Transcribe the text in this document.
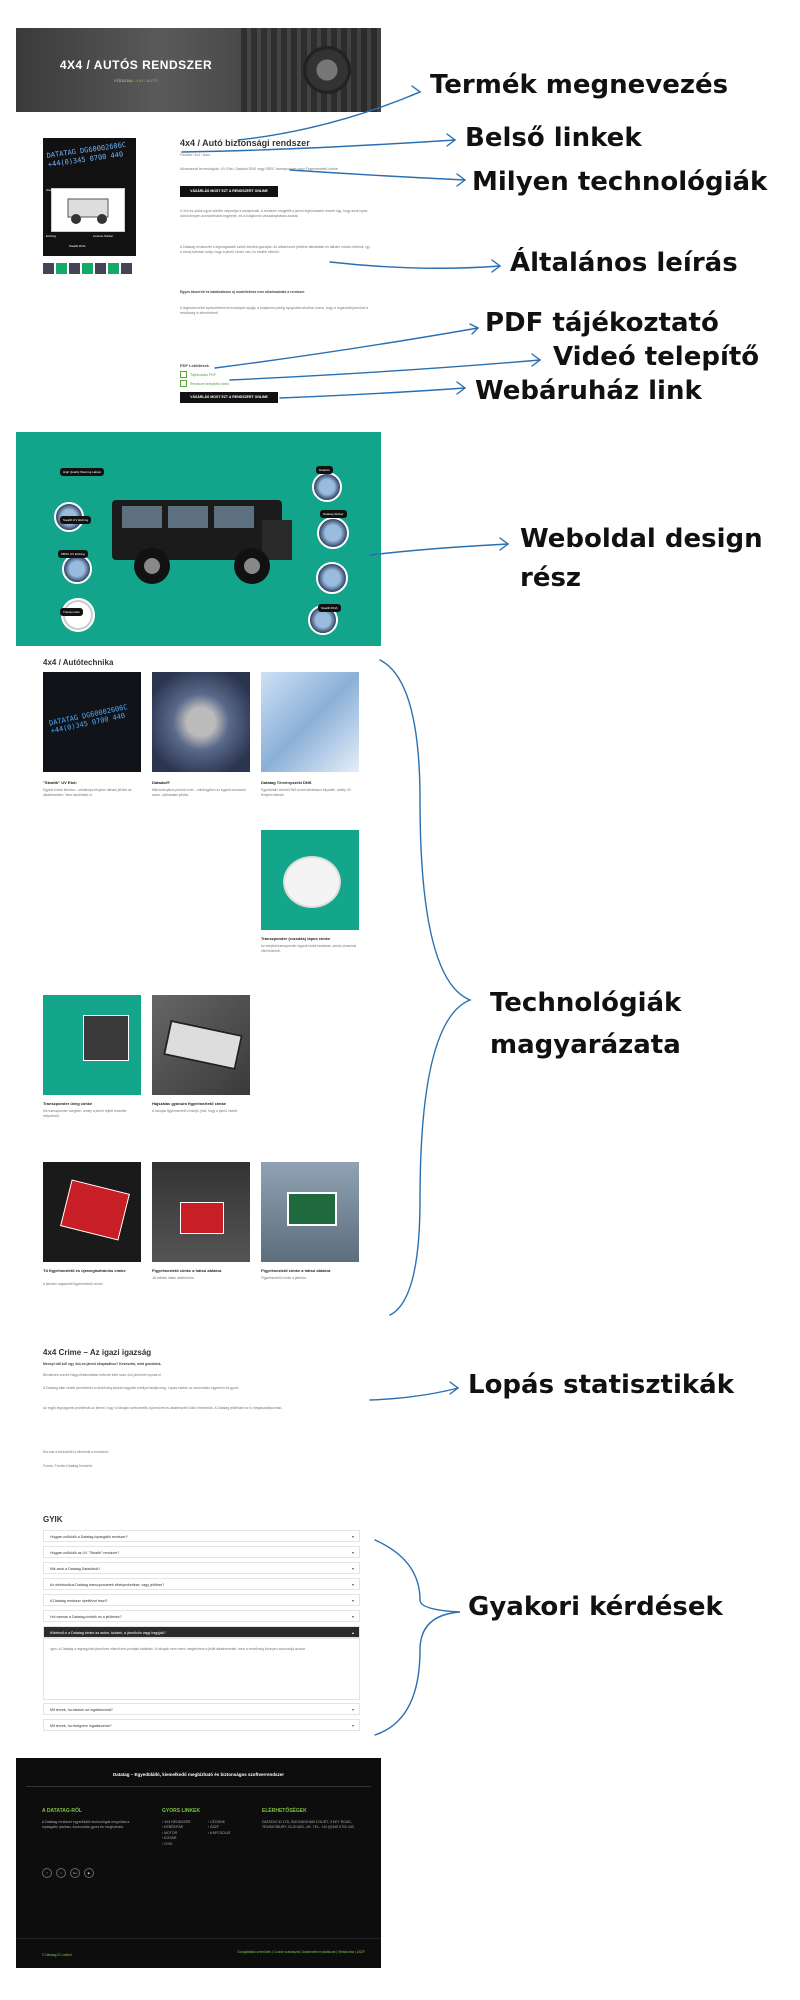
4X4 / AUTÓS RENDSZER
FŐOLDAL / 4X4 / AUTÓ
DATATAG DG60002606C +44(0)345 0700 440
Stealth Pajzsok	Sticker Warnoknob
Etching	Licence Sticker
Stealth DNA
4x4 / Autó biztonsági rendszer
Főoldal / 4x4 / Autó
Alkalmazott technológiák: UV Etch, Datadot DNS vagy SBSC transzponder vagy Figyelmeztető címke
VÁSÁRLÁS MOST EZT A RENDSZERT ONLINE
A 4x4-es autók egyre sűrűbb célpontjai a tolvajoknak. A rendszer megjelöli a jármű legfontosabb részeit úgy, hogy azok lopás után könnyen azonosíthatók legyenek, és a tulajdonos visszakaphassa azokat.
A Datatag rendszerét a legmagasabb szintű tesztek igazolják. Az alkatrészek jelölése láthatatlan és látható módon történik, így a tolvaj biztosan tudja, hogy a jármű védve van, és inkább elkerüli.
Egyes átszerelt és katalizátoros új modellekhez nem alkalmazható a rendszer.
A legmodernebb lopásvédelmi technológiát nyújtja, a tulajdonos pedig nyugodtan aludhat, tudva, hogy a regisztrált járművet a rendőrség is ellenőrizheti.
PDF Letöltések
Tájékoztató PDF
Rendszer telepítési videó
VÁSÁRLÁS MOST EZT A RENDSZERT ONLINE
High Quality Warning Labels
Stealth UV Etching
SBSC UV Etching
Transponder
Datadot
Datatag Sticker
Stealth DNA
4x4 / Autótechnika
DATATAG DG60002606C +44(0)345 0700 440
"Stealth" UV Etch
Egyedi kódok beírása – ultraibolya fényben látható jelölés az alkatrészeken. Nem távolítható el.
Datadot®
Mikroszkopikus pontok ezrei – mindegyiken az egyedi azonosító szám. Láthatatlan jelölés.
Datatag Térvényszéki DNS
Egyedülálló kémiai DNS-kódot tartalmazó folyadék, amely UV fényben látható.
Transzponder (rozsdás) lapos címke
Az elrejtett transzponder egyedi kódot tartalmaz, amely olvasóval ellenőrizhető.
Transzponder üveg címke
Kis transzponder üvegben, amely a jármű rejtett részeibe helyezhető.
Hajszálas gyanúra figyelmeztető címke
A tolvajok figyelmeztető címkéje, jelzi, hogy a jármű védett.
Tű figyelmeztető és újraregisztrációs címke
A járműre ragasztott figyelmeztető címke.
Figyelmeztető címke a hátsó ablakra
Jól látható hátsó ablakcímke.
Figyelmeztető címke a hátsó ablakra
Figyelmeztető címke a járműre.
4x4 Crime – Az igazi igazság
Mennyi idő kell egy 4x4-es jármű ellopásához? Kevesebb, mint gondolná.
Becslések szerint Nagy-Britanniában hetente több száz 4x4 járművet lopnak el.
A Datatag által védett járműveket a rendőrség sokkal nagyobb eséllyel találja meg. Lopás esetén az azonosítás egyszerű és gyors.
Az egyik legnagyobb problémát az jelenti, hogy a tolvajok szétszerelik a járművet és alkatrészeit külön értékesítik. A Datatag jelöléssel ez is megakadályozható.
Ma már a biztosítók is elismerik a rendszert.
Forrás: Fordító Datatag felmérés
GYIK
Hogyan működik a Datatag lopásgátló rendszer?	▾
Hogyan működik az UV "Stealth" rendszer?	▾
Mik azok a Datatag Datadotok?	▾
Az elektronikus Datatag transzponderek elhelyezkedése, vagy jelölése?	▾
A Datatag rendszer ripetitívvé teszi?	▾
Hol vannak a Datatag címkék és a jelölések?	▾
Kötelező-e a Datatag címke az autón, tudatni, a járművön vagy hagyják?	▴
Igen, a Datatag a legnagyobb járművek ellenőrzési pontjain található. A tolvajok nem merik megérinteni a jelölt alkatrészeket, mert a rendőrség könnyen azonosítja azokat.
Mit tervek, ha eladom az ingatlanomat?	▾
Mit tervek, ha elvégzem ingatlanomat?	▾
Datatag – Egyedülálló, kiemelkedő megbízható és biztonságos szoftverrendszer
A DATATAG-RÓL
A Datatag rendszer egyedülálló technológiai megoldás a lopásgátló iparban. Azonosítás gyors és megbízható.
f	t	G+	▶
GYORS LINKEK
› 4X4 RENDSZER
› KERÉKPÁR
› MOTOR
› KOSÁR
› GYIK
› CÉGÜNK
› ÁSZF
› KAPCSOLAT
ELÉRHETŐSÉGEK
DATATAG ID LTD, BUCKINGHAM COURT, 3 KEY ROAD, TEWKESBURY, GL20 8ZD, UK. TEL: +44 (0)345 0700 440
© Datatag ID Limited
Szolgáltatási szerződés | Cookie szabályzat | Adatvédelmi nyilatkozat | Webáruház | ÁSZF
Termék megnevezés
Belső linkek
Milyen technológiák
Általános leírás
PDF tájékoztató
Videó telepítő
Webáruház link
Weboldal design
rész
Technológiák
magyarázata
Lopás statisztikák
Gyakori kérdések
